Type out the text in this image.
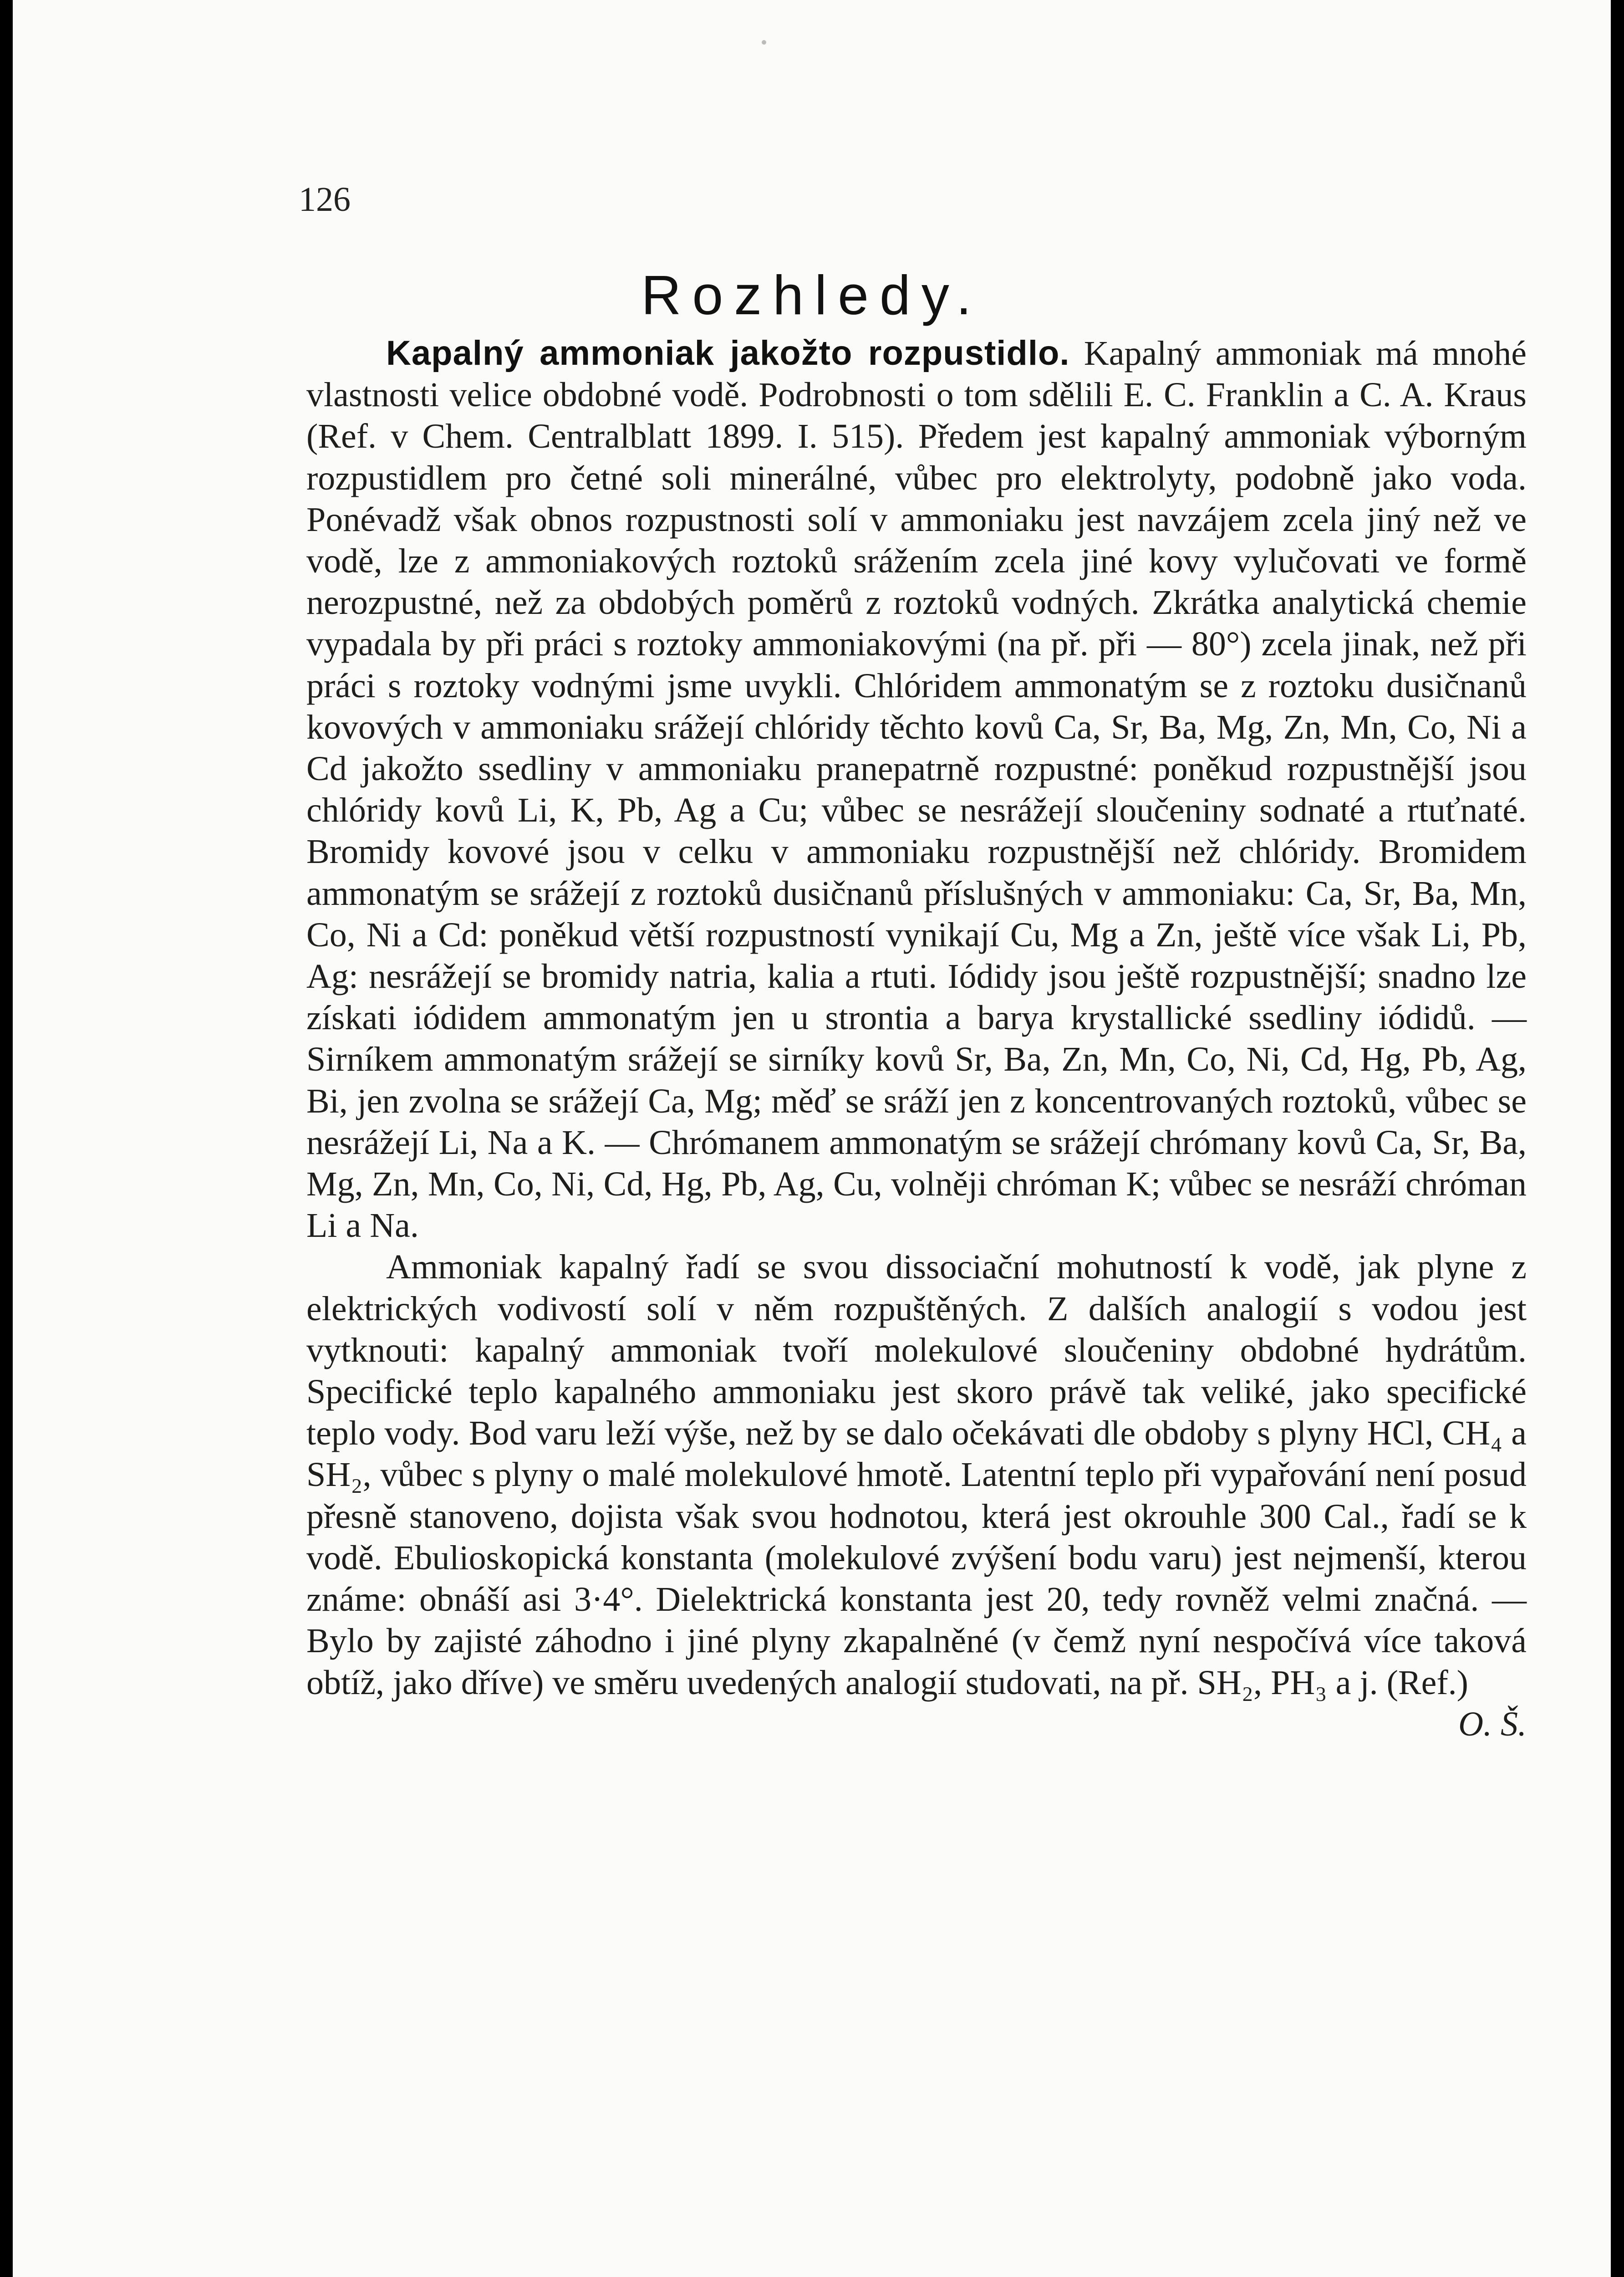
126
Rozhledy.

Kapalný ammoniak jakožto rozpustidlo. Kapalný ammoniak má mnohé vlastnosti velice obdobné vodě. Podrobnosti o tom sdělili E. C. Franklin a C. A. Kraus (Ref. v Chem. Centralblatt 1899. I. 515). Předem jest kapalný ammoniak výborným rozpustidlem pro četné soli minerálné, vůbec pro elektrolyty, podobně jako voda. Ponévadž však obnos rozpustnosti solí v ammoniaku jest navzájem zcela jiný než ve vodě, lze z ammoniakových roztoků srážením zcela jiné kovy vylučovati ve formě nerozpustné, než za obdobých poměrů z roztoků vodných. Zkrátka analytická chemie vypadala by při práci s roztoky ammoniakovými (na př. při — 80°) zcela jinak, než při práci s roztoky vodnými jsme uvykli. Chlóridem ammonatým se z roztoku dusičnanů kovových v ammoniaku srážejí chlóridy těchto kovů Ca, Sr, Ba, Mg, Zn, Mn, Co, Ni a Cd jakožto ssedliny v ammoniaku pranepatrně rozpustné: poněkud rozpustnější jsou chlóridy kovů Li, K, Pb, Ag a Cu; vůbec se nesrážejí sloučeniny sodnaté a rtuťnaté. Bromidy kovové jsou v celku v ammoniaku rozpustnější než chlóridy. Bromidem ammonatým se srážejí z roztoků dusičnanů příslušných v ammoniaku: Ca, Sr, Ba, Mn, Co, Ni a Cd: poněkud větší rozpustností vynikají Cu, Mg a Zn, ještě více však Li, Pb, Ag: nesrážejí se bromidy natria, kalia a rtuti. Iódidy jsou ještě rozpustnější; snadno lze získati iódidem ammonatým jen u strontia a baryа krystallické ssedliny iódidů. — Sirníkem ammonatým srážejí se sirníky kovů Sr, Ba, Zn, Mn, Co, Ni, Cd, Hg, Pb, Ag, Bi, jen zvolna se srážejí Ca, Mg; měď se sráží jen z koncentrovaných roztoků, vůbec se nesrážejí Li, Na a K. — Chrómanem ammonatým se srážejí chrómany kovů Ca, Sr, Ba, Mg, Zn, Mn, Co, Ni, Cd, Hg, Pb, Ag, Cu, volněji chróman K; vůbec se nesráží chróman Li a Na.

Ammoniak kapalný řadí se svou dissociační mohutností k vodě, jak plyne z elektrických vodivostí solí v něm rozpuštěných. Z dalších analogií s vodou jest vytknouti: kapalný ammoniak tvoří molekulové sloučeniny obdobné hydrátům. Specifické teplo kapalného ammoniaku jest skoro právě tak veliké, jako specifické teplo vody. Bod varu leží výše, než by se dalo očekávati dle obdoby s plyny HCl, CH₄ a SH₂, vůbec s plyny o malé molekulové hmotě. Latentní teplo při vypařování není posud přesně stanoveno, dojista však svou hodnotou, která jest okrouhle 300 Cal., řadí se k vodě. Ebulioskopická konstanta (molekulové zvýšení bodu varu) jest nejmenší, kterou známe: obnáší asi 3·4°. Dielektrická konstanta jest 20, tedy rovněž velmi značná. — Bylo by zajisté záhodno i jiné plyny zkapalněné (v čemž nyní nespočívá více taková obtíž, jako dříve) ve směru uvedených analogií studovati, na př. SH₂, PH₃ a j. (Ref.)
O. Š.
